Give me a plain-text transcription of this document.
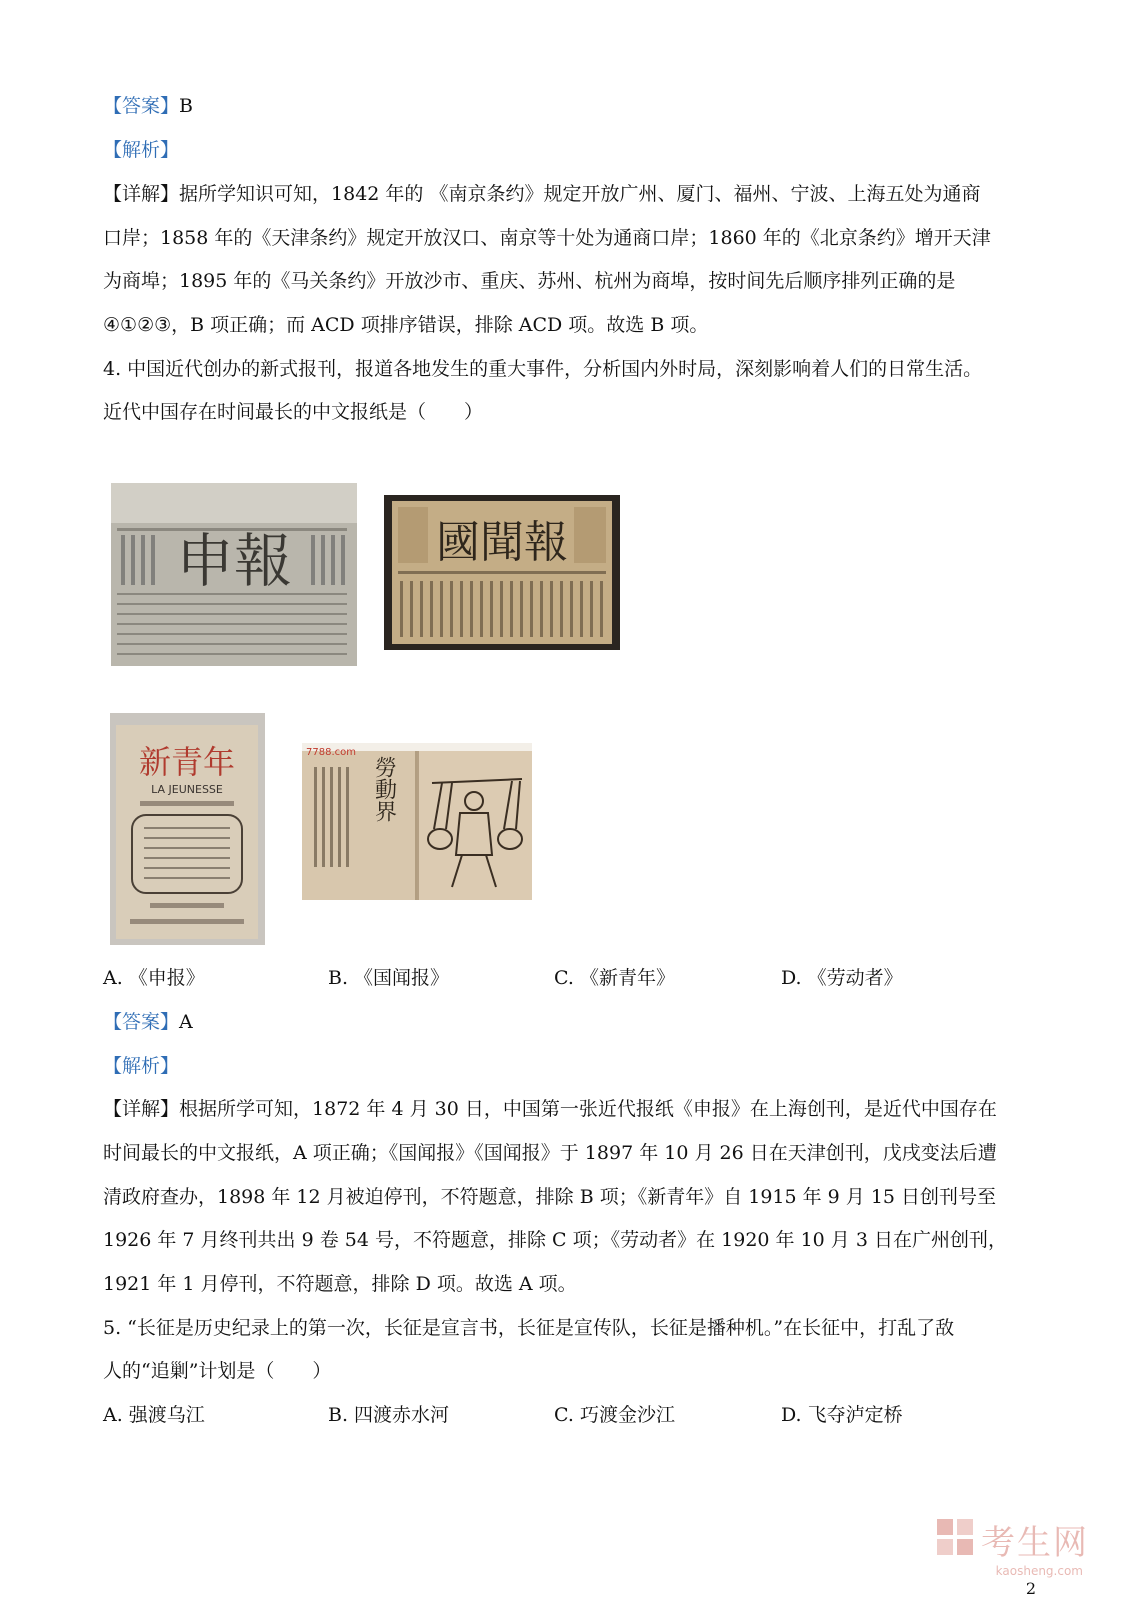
【答案】B
【解析】
【详解】据所学知识可知，1842 年的 《南京条约》规定开放广州、厦门、福州、宁波、上海五处为通商
口岸；1858 年的《天津条约》规定开放汉口、南京等十处为通商口岸；1860 年的《北京条约》增开天津
为商埠；1895 年的《马关条约》开放沙市、重庆、苏州、杭州为商埠，按时间先后顺序排列正确的是
④①②③，B 项正确；而 ACD 项排序错误，排除 ACD 项。故选 B 项。
4. 中国近代创办的新式报刊，报道各地发生的重大事件，分析国内外时局，深刻影响着人们的日常生活。
近代中国存在时间最长的中文报纸是（　　）
申報	國聞報
新青年
LA JEUNESSE
7788.com
勞動界
A. 《申报》	B. 《国闻报》	C. 《新青年》	D. 《劳动者》
【答案】A
【解析】
【详解】根据所学可知，1872 年 4 月 30 日，中国第一张近代报纸《申报》在上海创刊，是近代中国存在
时间最长的中文报纸，A 项正确；《国闻报》《国闻报》于 1897 年 10 月 26 日在天津创刊，戊戌变法后遭
清政府查办，1898 年 12 月被迫停刊，不符题意，排除 B 项；《新青年》自 1915 年 9 月 15 日创刊号至
1926 年 7 月终刊共出 9 卷 54 号，不符题意，排除 C 项；《劳动者》在 1920 年 10 月 3 日在广州创刊，
1921 年 1 月停刊，不符题意，排除 D 项。故选 A 项。
5. “长征是历史纪录上的第一次，长征是宣言书，长征是宣传队，长征是播种机。”在长征中，打乱了敌
人的“追剿”计划是（　　）
A. 强渡乌江	B. 四渡赤水河	C. 巧渡金沙江	D. 飞夺泸定桥
考生网
kaosheng.com
2
